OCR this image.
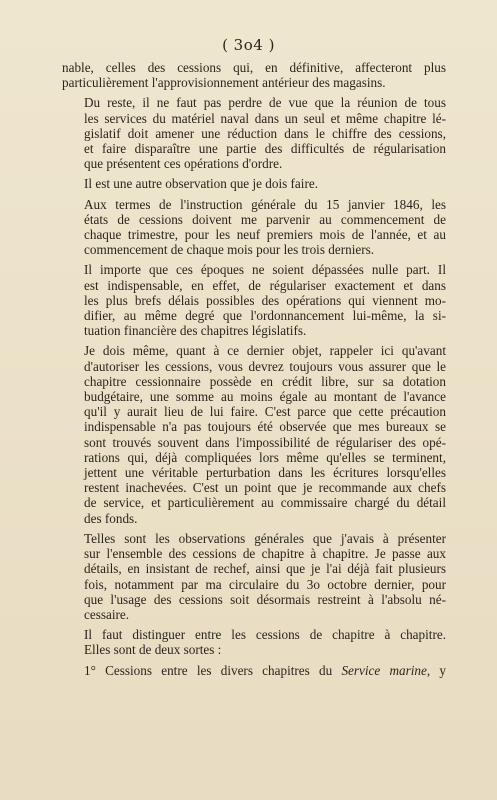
( 3o4 )

nable, celles des cessions qui, en définitive, affecteront plus
particulièrement l'approvisionnement antérieur des magasins.

Du reste, il ne faut pas perdre de vue que la réunion de tous
les services du matériel naval dans un seul et même chapitre lé-
gislatif doit amener une réduction dans le chiffre des cessions,
et faire disparaître une partie des difficultés de régularisation
que présentent ces opérations d'ordre.

Il est une autre observation que je dois faire.

Aux termes de l'instruction générale du 15 janvier 1846, les
états de cessions doivent me parvenir au commencement de
chaque trimestre, pour les neuf premiers mois de l'année, et au
commencement de chaque mois pour les trois derniers.

Il importe que ces époques ne soient dépassées nulle part. Il
est indispensable, en effet, de régulariser exactement et dans
les plus brefs délais possibles des opérations qui viennent mo-
difier, au même degré que l'ordonnancement lui-même, la si-
tuation financière des chapitres législatifs.

Je dois même, quant à ce dernier objet, rappeler ici qu'avant
d'autoriser les cessions, vous devrez toujours vous assurer que le
chapitre cessionnaire possède en crédit libre, sur sa dotation
budgétaire, une somme au moins égale au montant de l'avance
qu'il y aurait lieu de lui faire. C'est parce que cette précaution
indispensable n'a pas toujours été observée que mes bureaux se
sont trouvés souvent dans l'impossibilité de régulariser des opé-
rations qui, déjà compliquées lors même qu'elles se terminent,
jettent une véritable perturbation dans les écritures lorsqu'elles
restent inachevées. C'est un point que je recommande aux chefs
de service, et particulièrement au commissaire chargé du détail
des fonds.

Telles sont les observations générales que j'avais à présenter
sur l'ensemble des cessions de chapitre à chapitre. Je passe aux
détails, en insistant de rechef, ainsi que je l'ai déjà fait plusieurs
fois, notamment par ma circulaire du 3o octobre dernier, pour
que l'usage des cessions soit désormais restreint à l'absolu né-
cessaire.

Il faut distinguer entre les cessions de chapitre à chapitre.
Elles sont de deux sortes :

1° Cessions entre les divers chapitres du Service marine, y
